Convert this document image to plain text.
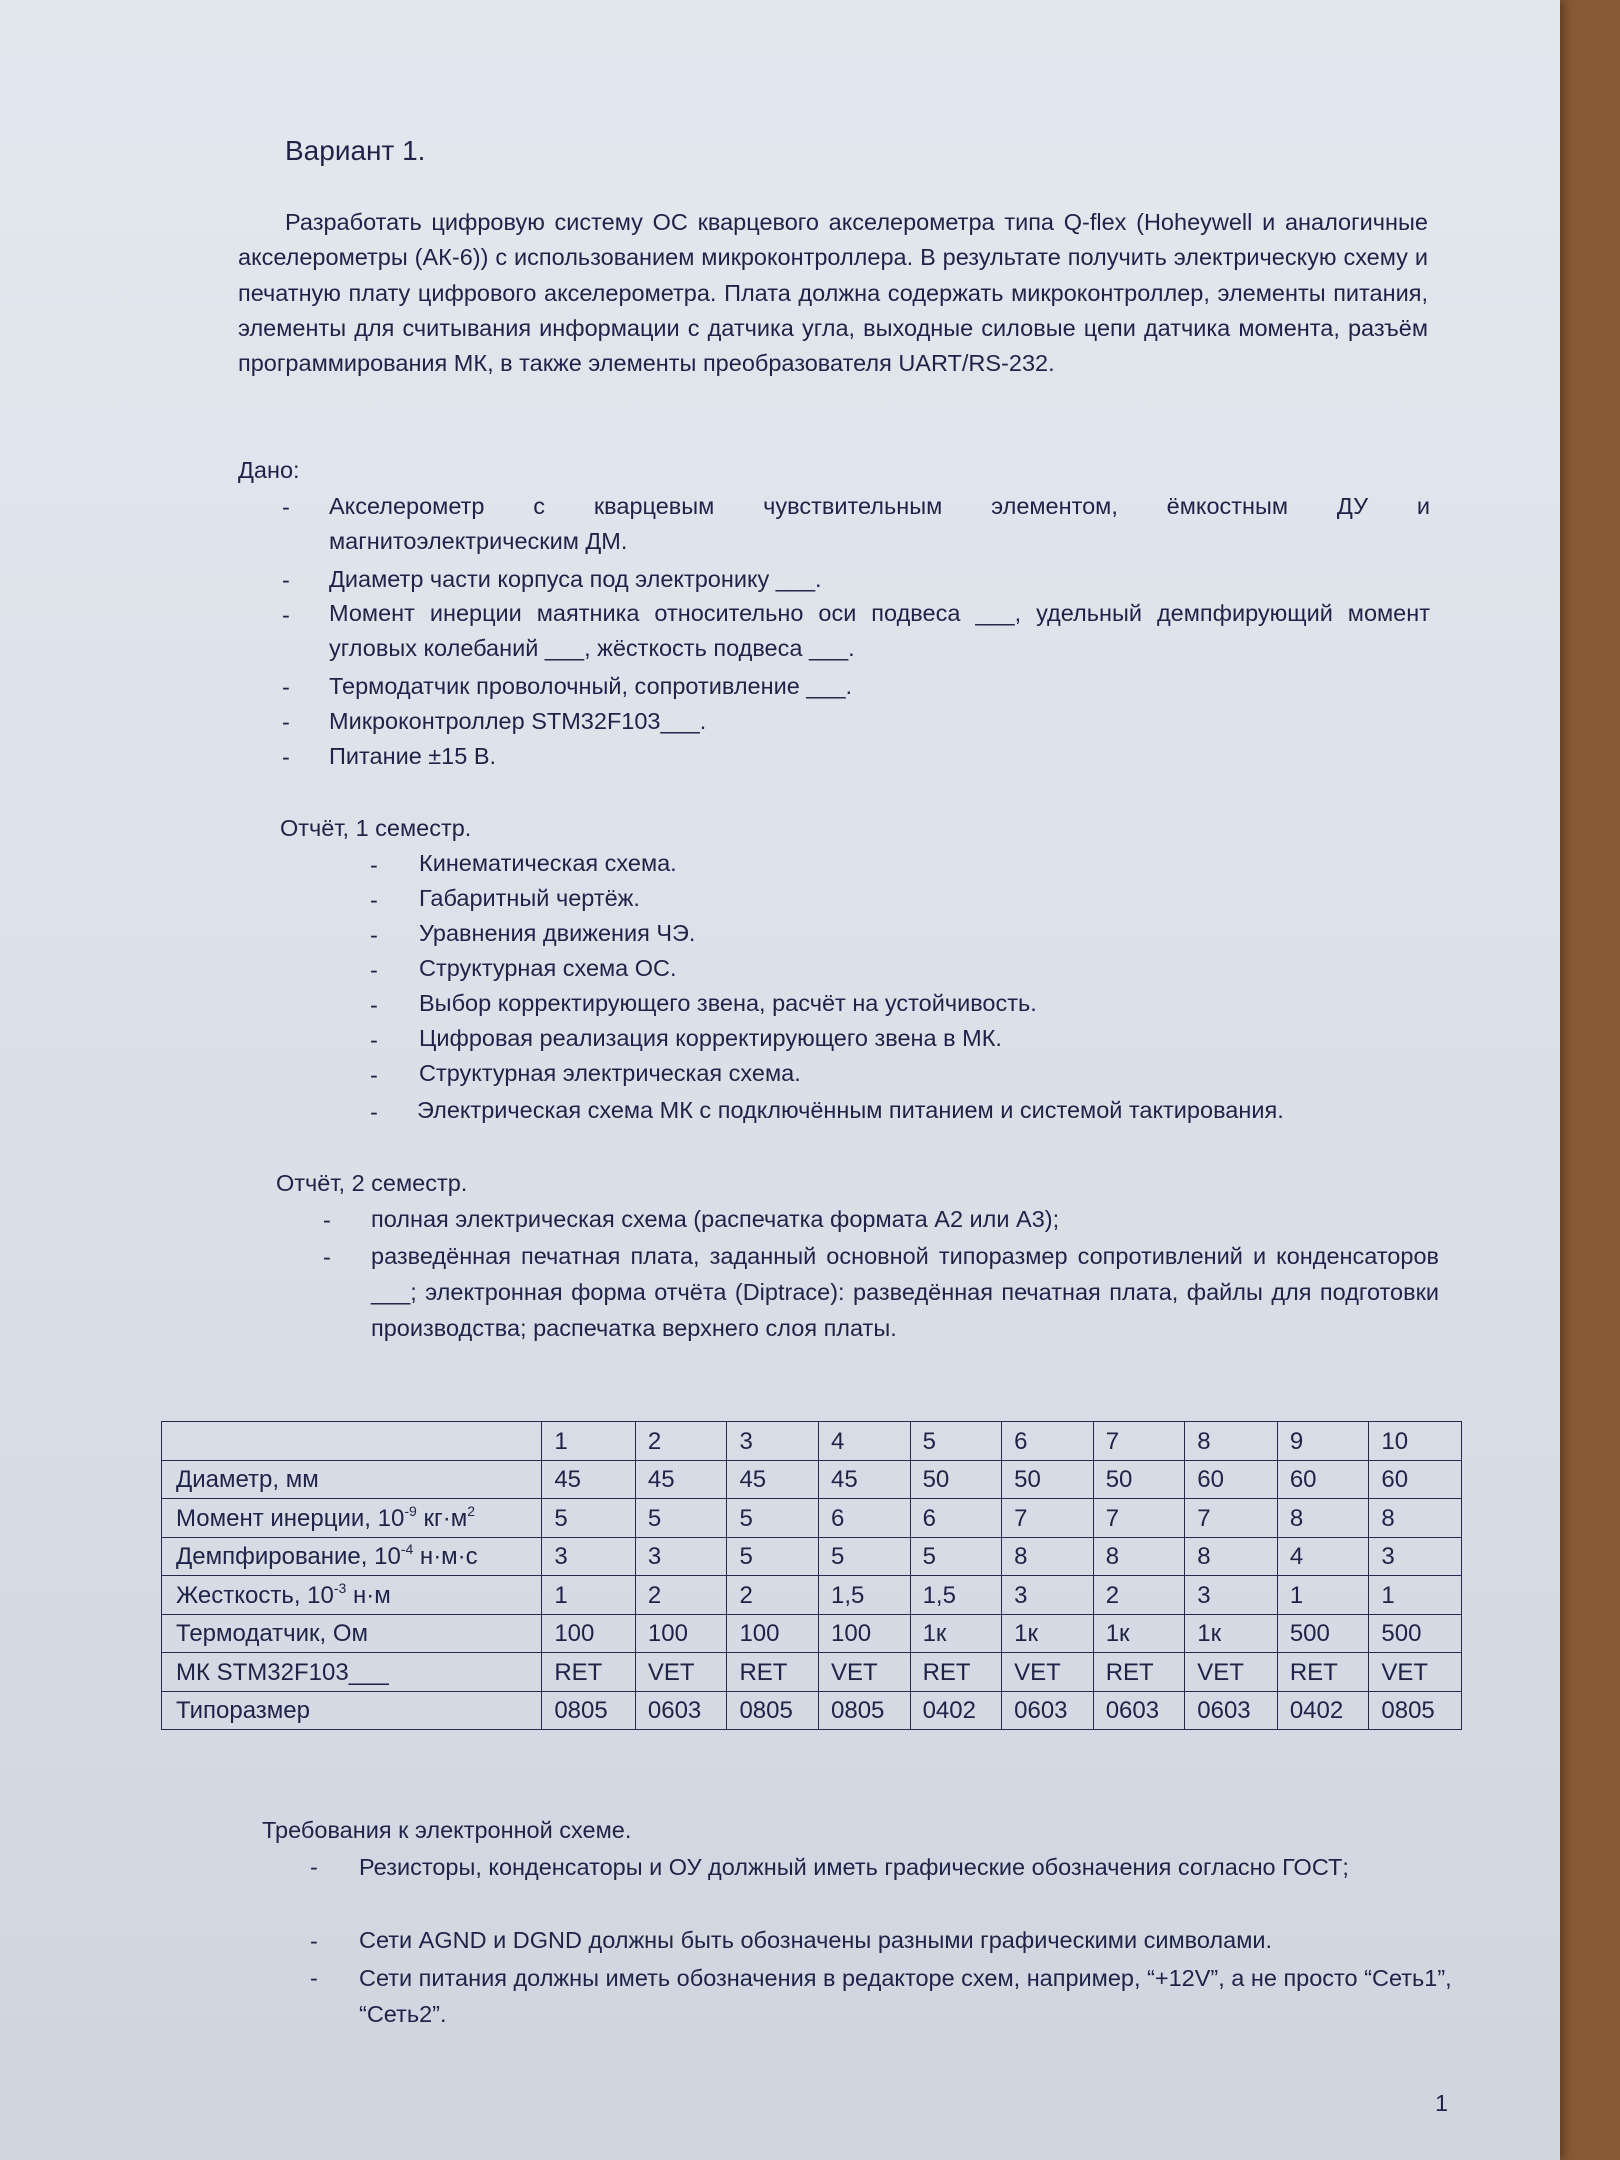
Вариант 1.
Разработать цифровую систему ОС кварцевого акселерометра типа Q-flex (Hoheywell и аналогичные акселерометры (АК-6)) с использованием микроконтроллера. В результате получить электрическую схему и печатную плату цифрового акселерометра. Плата должна содержать микроконтроллер, элементы питания, элементы для считывания информации с датчика угла, выходные силовые цепи датчика момента, разъём программирования МК, в также элементы преобразователя UART/RS-232.
Дано:
- Акселерометр с кварцевым чувствительным элементом, ёмкостным ДУ и
магнитоэлектрическим ДМ.
- Диаметр части корпуса под электронику ___.
- Момент инерции маятника относительно оси подвеса ___, удельный демпфирующий момент угловых колебаний ___, жёсткость подвеса ___.
- Термодатчик проволочный, сопротивление ___.
- Микроконтроллер STM32F103___.
- Питание ±15 В.
Отчёт, 1 семестр.
- Кинематическая схема.
- Габаритный чертёж.
- Уравнения движения ЧЭ.
- Структурная схема ОС.
- Выбор корректирующего звена, расчёт на устойчивость.
- Цифровая реализация корректирующего звена в МК.
- Структурная электрическая схема.
- Электрическая схема МК с подключённым питанием и системой тактирования.
Отчёт, 2 семестр.
- полная электрическая схема (распечатка формата А2 или А3);
- разведённая печатная плата, заданный основной типоразмер сопротивлений и конденсаторов ___; электронная форма отчёта (Diptrace): разведённая печатная плата, файлы для подготовки производства; распечатка верхнего слоя платы.
	1	2	3	4	5	6	7	8	9	10
Диаметр, мм	45	45	45	45	50	50	50	60	60	60
Момент инерции, $10^{-9}$ $кг\cdot м^2$	5	5	5	6	6	7	7	7	8	8
Демпфирование, $10^{-4}$ н·м·с	3	3	5	5	5	8	8	8	4	3
Жесткость, $10^{-3}$ н·м	1	2	2	1,5	1,5	3	2	3	1	1
Термодатчик, Ом	100	100	100	100	1к	1к	1к	1к	500	500
МК STM32F103___	RET	VET	RET	VET	RET	VET	RET	VET	RET	VET
Типоразмер	0805	0603	0805	0805	0402	0603	0603	0603	0402	0805
Требования к электронной схеме.
- Резисторы, конденсаторы и ОУ должный иметь графические обозначения согласно ГОСТ;
- Сети AGND и DGND должны быть обозначены разными графическими символами.
- Сети питания должны иметь обозначения в редакторе схем, например, “+12V”, а не просто “Сеть1”, “Сеть2”.
1
